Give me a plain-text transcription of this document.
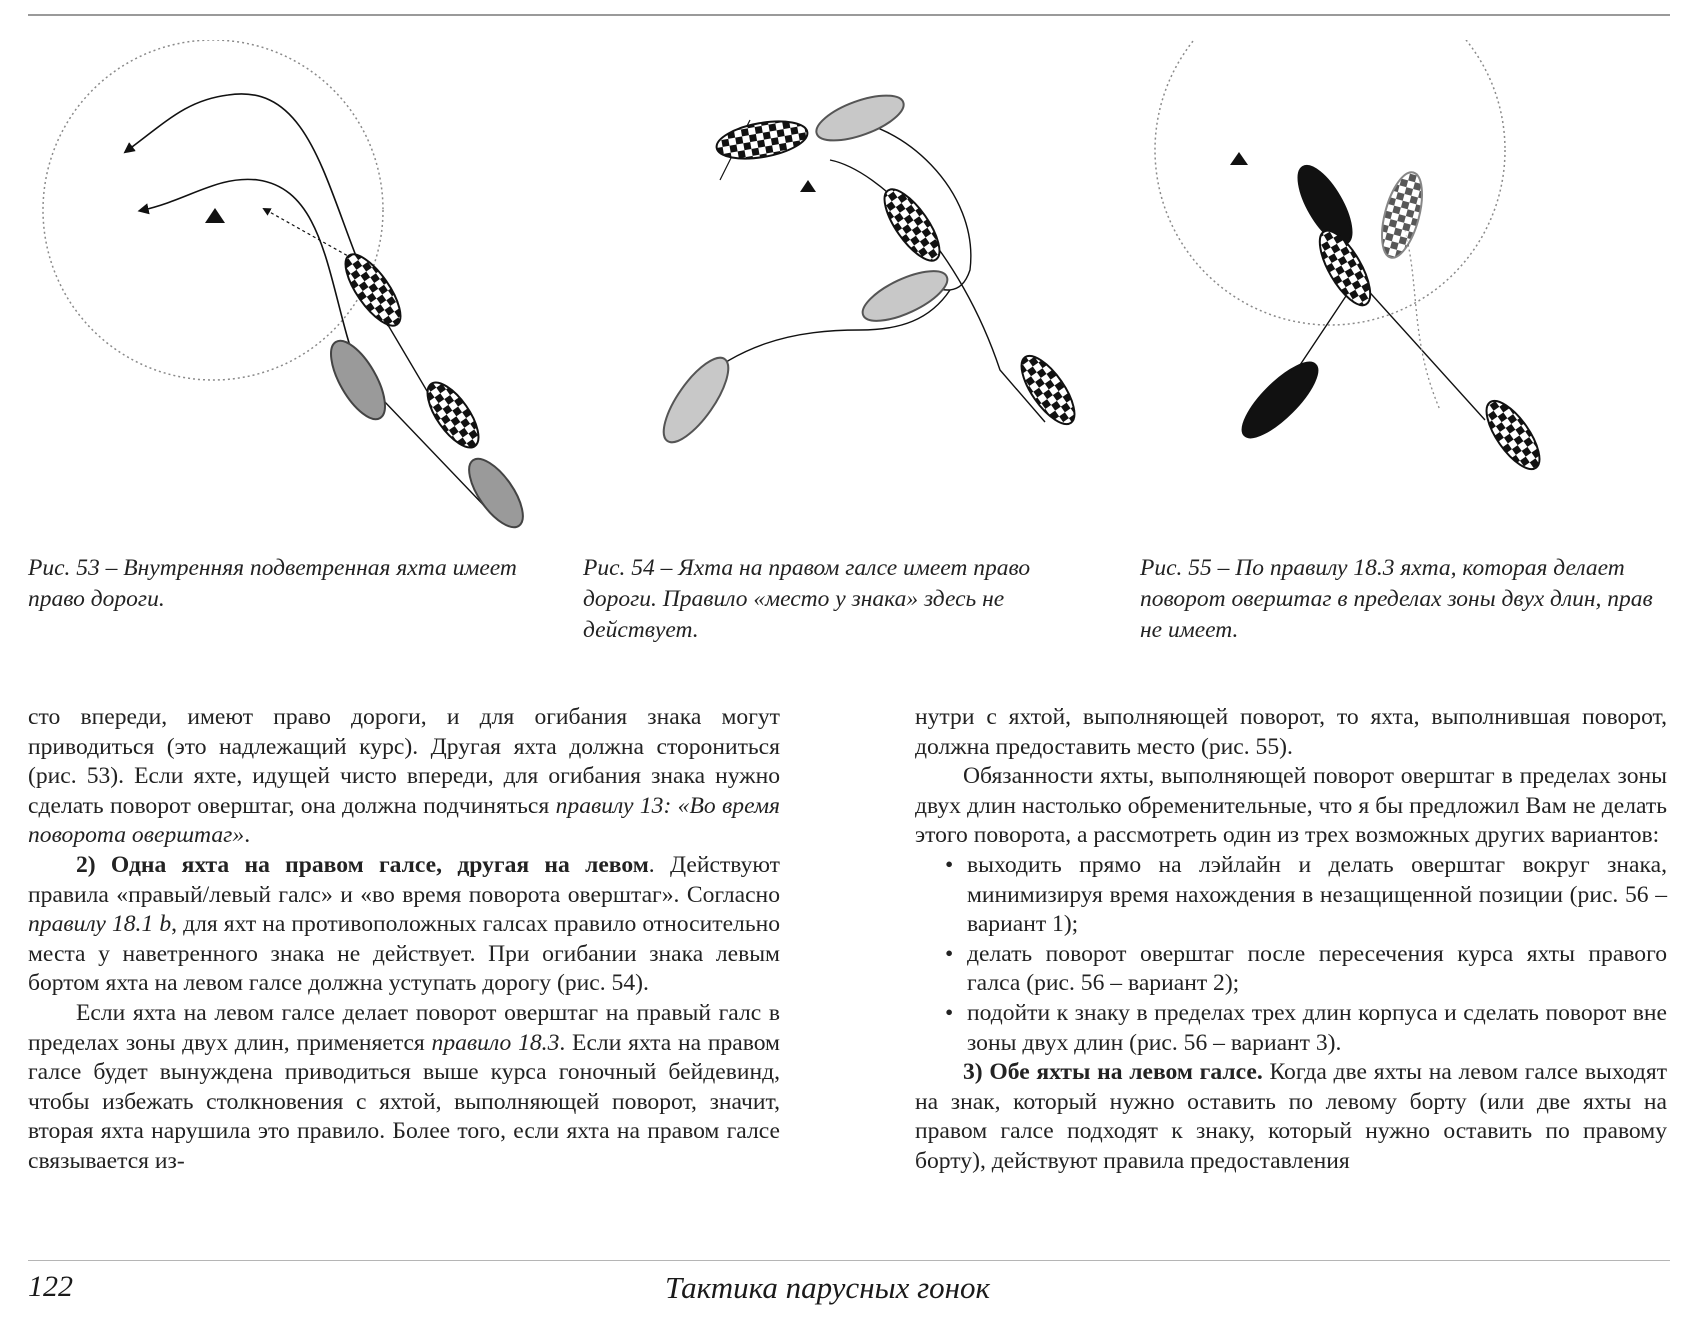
Рис. 53 – Внутренняя подветренная яхта имеет право дороги.
Рис. 54 – Яхта на правом галсе имеет право дороги. Правило «место у знака» здесь не действует.
Рис. 55 – По правилу 18.3 яхта, которая делает поворот оверштаг в пределах зоны двух длин, прав не имеет.

сто впереди, имеют право дороги, и для огибания знака могут приводиться (это надлежащий курс). Другая яхта должна сторониться (рис. 53). Если яхте, идущей чисто впереди, для огибания знака нужно сделать поворот оверштаг, она должна подчиняться правилу 13: «Во время поворота оверштаг».

2) Одна яхта на правом галсе, другая на левом. Действуют правила «правый/левый галс» и «во время поворота оверштаг». Согласно правилу 18.1 b, для яхт на противоположных галсах правило относительно места у наветренного знака не действует. При огибании знака левым бортом яхта на левом галсе должна уступать дорогу (рис. 54).

Если яхта на левом галсе делает поворот оверштаг на правый галс в пределах зоны двух длин, применяется правило 18.3. Если яхта на правом галсе будет вынуждена приводиться выше курса гоночный бейдевинд, чтобы избежать столкновения с яхтой, выполняющей поворот, значит, вторая яхта нарушила это правило. Более того, если яхта на правом галсе связывается из-

нутри с яхтой, выполняющей поворот, то яхта, выполнившая поворот, должна предоставить место (рис. 55).

Обязанности яхты, выполняющей поворот оверштаг в пределах зоны двух длин настолько обременительные, что я бы предложил Вам не делать этого поворота, а рассмотреть один из трех возможных других вариантов:

• выходить прямо на лэйлайн и делать оверштаг вокруг знака, минимизируя время нахождения в незащищенной позиции (рис. 56 – вариант 1);
• делать поворот оверштаг после пересечения курса яхты правого галса (рис. 56 – вариант 2);
• подойти к знаку в пределах трех длин корпуса и сделать поворот вне зоны двух длин (рис. 56 – вариант 3).

3) Обе яхты на левом галсе. Когда две яхты на левом галсе выходят на знак, который нужно оставить по левому борту (или две яхты на правом галсе подходят к знаку, который нужно оставить по правому борту), действуют правила предоставления

122	Тактика парусных гонок
